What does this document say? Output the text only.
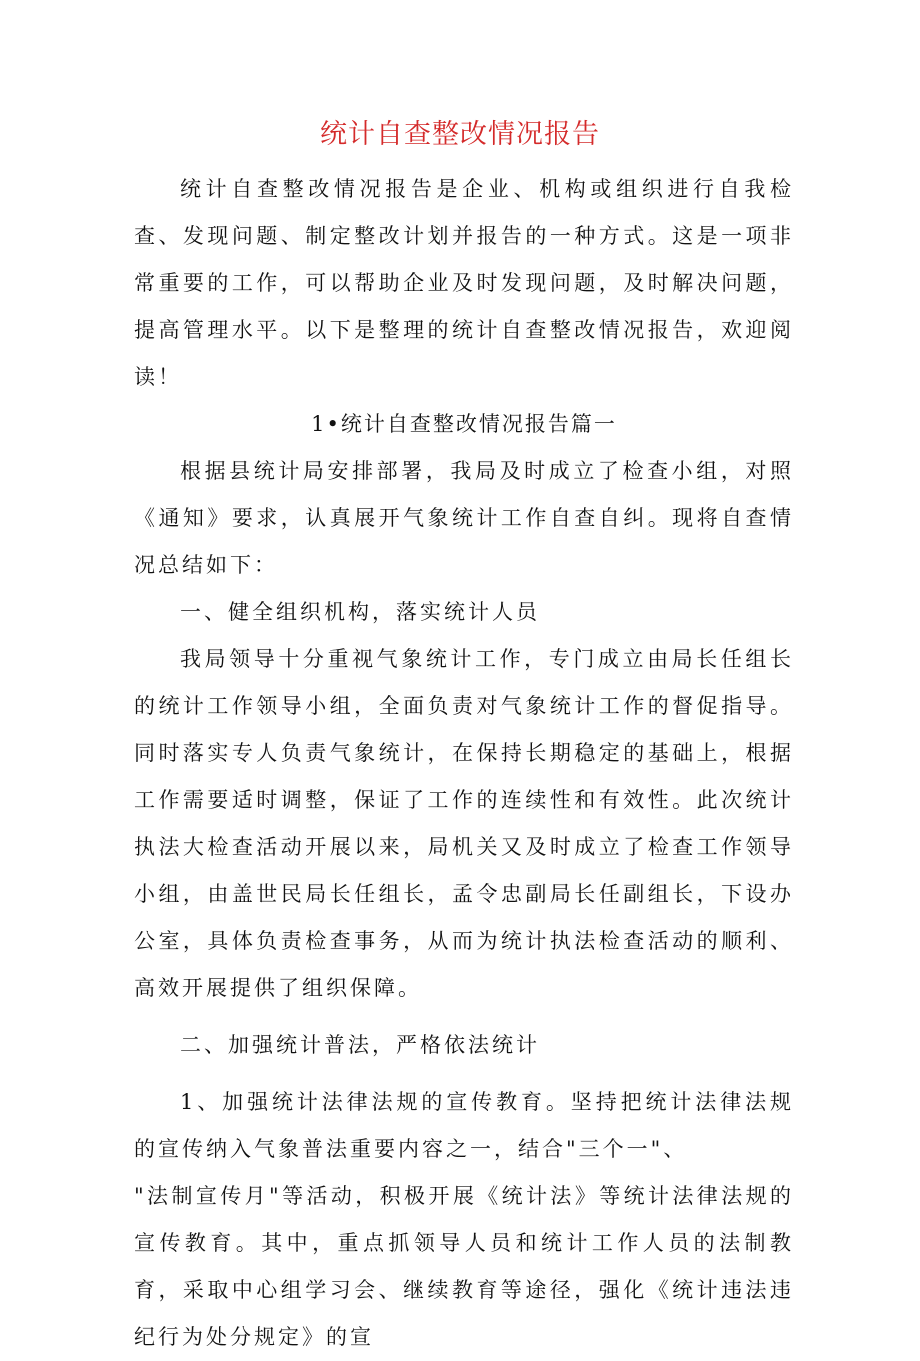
统计自查整改情况报告

统计自查整改情况报告是企业、机构或组织进行自我检查、发现问题、制定整改计划并报告的一种方式。这是一项非常重要的工作，可以帮助企业及时发现问题，及时解决问题，提高管理水平。以下是整理的统计自查整改情况报告，欢迎阅读！

1•统计自查整改情况报告篇一

根据县统计局安排部署，我局及时成立了检查小组，对照《通知》要求，认真展开气象统计工作自查自纠。现将自查情况总结如下：

一、健全组织机构，落实统计人员

我局领导十分重视气象统计工作，专门成立由局长任组长的统计工作领导小组，全面负责对气象统计工作的督促指导。同时落实专人负责气象统计，在保持长期稳定的基础上，根据工作需要适时调整，保证了工作的连续性和有效性。此次统计执法大检查活动开展以来，局机关又及时成立了检查工作领导小组，由盖世民局长任组长，孟令忠副局长任副组长，下设办公室，具体负责检查事务，从而为统计执法检查活动的顺利、高效开展提供了组织保障。

二、加强统计普法，严格依法统计

1、加强统计法律法规的宣传教育。坚持把统计法律法规的宣传纳入气象普法重要内容之一，结合"三个一"、

"法制宣传月"等活动，积极开展《统计法》等统计法律法规的宣传教育。其中，重点抓领导人员和统计工作人员的法制教育，采取中心组学习会、继续教育等途径，强化《统计违法违纪行为处分规定》的宣
